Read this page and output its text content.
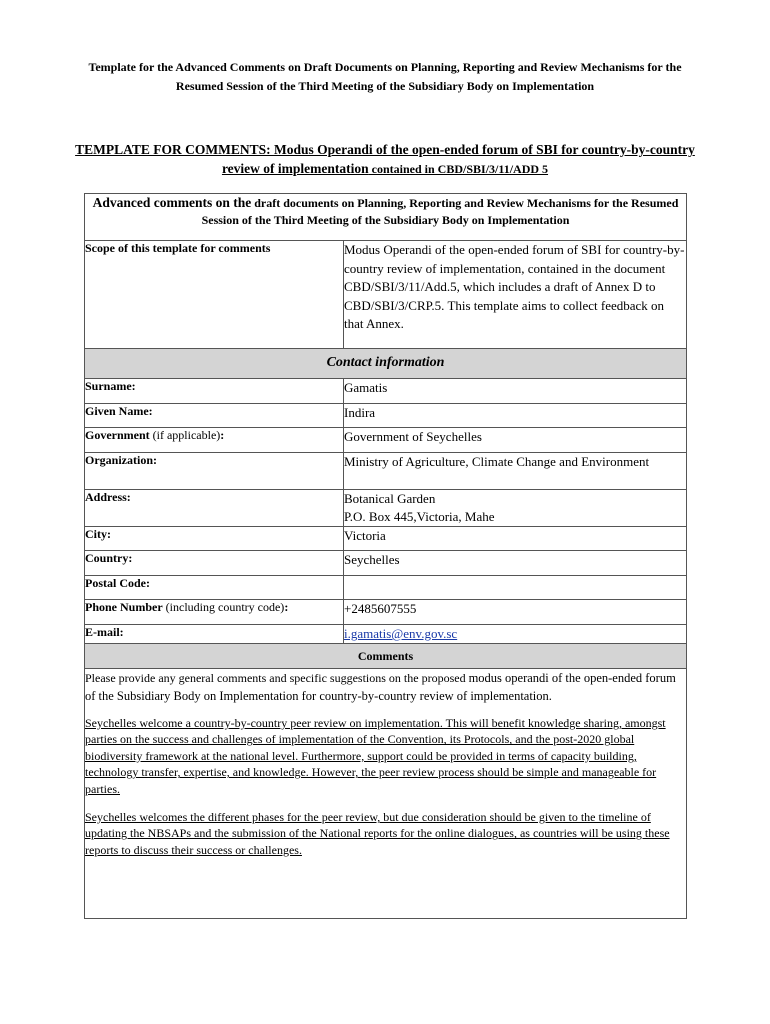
Template for the Advanced Comments on Draft Documents on Planning, Reporting and Review Mechanisms for the Resumed Session of the Third Meeting of the Subsidiary Body on Implementation
TEMPLATE FOR COMMENTS: Modus Operandi of the open-ended forum of SBI for country-by-country review of implementation contained in CBD/SBI/3/11/ADD 5
Advanced comments on the draft documents on Planning, Reporting and Review Mechanisms for the Resumed Session of the Third Meeting of the Subsidiary Body on Implementation	
Scope of this template for comments	Modus Operandi of the open-ended forum of SBI for country-by-country review of implementation, contained in the document CBD/SBI/3/11/Add.5, which includes a draft of Annex D to CBD/SBI/3/CRP.5. This template aims to collect feedback on that Annex.
Contact information	
Surname:	Gamatis
Given Name:	Indira
Government (if applicable):	Government of Seychelles
Organization:	Ministry of Agriculture, Climate Change and Environment
Address:	Botanical Garden
P.O. Box 445,Victoria, Mahe

City:	Victoria
Country:	Seychelles
Postal Code:	
Phone Number (including country code):	+2485607555
E-mail:	i.gamatis@env.gov.sc
Comments	

Please provide any general comments and specific suggestions on the proposed modus operandi of the open-ended forum of the Subsidiary Body on Implementation for country-by-country review of implementation.

Seychelles welcome a country-by-country peer review on implementation. This will benefit knowledge sharing, amongst parties on the success and challenges of implementation of the Convention, its Protocols, and the post-2020 global biodiversity framework at the national level. Furthermore, support could be provided in terms of capacity building, technology transfer, expertise, and knowledge. However, the peer review process should be simple and manageable for parties.

Seychelles welcomes the different phases for the peer review, but due consideration should be given to the timeline of updating the NBSAPs and the submission of the National reports for the online dialogues, as countries will be using these reports to discuss their success or challenges.	
